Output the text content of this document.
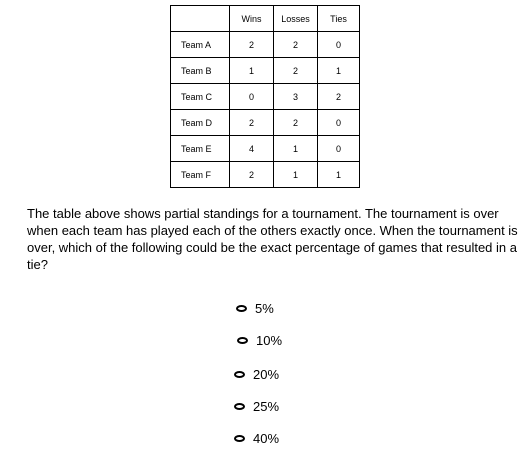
	Wins	Losses	Ties
Team A	2	2	0
Team B	1	2	1
Team C	0	3	2
Team D	2	2	0
Team E	4	1	0
Team F	2	1	1

The table above shows partial standings for a tournament. The tournament is over when each team has played each of the others exactly once. When the tournament is over, which of the following could be the exact percentage of games that resulted in a tie?

5%
10%
20%
25%
40%
